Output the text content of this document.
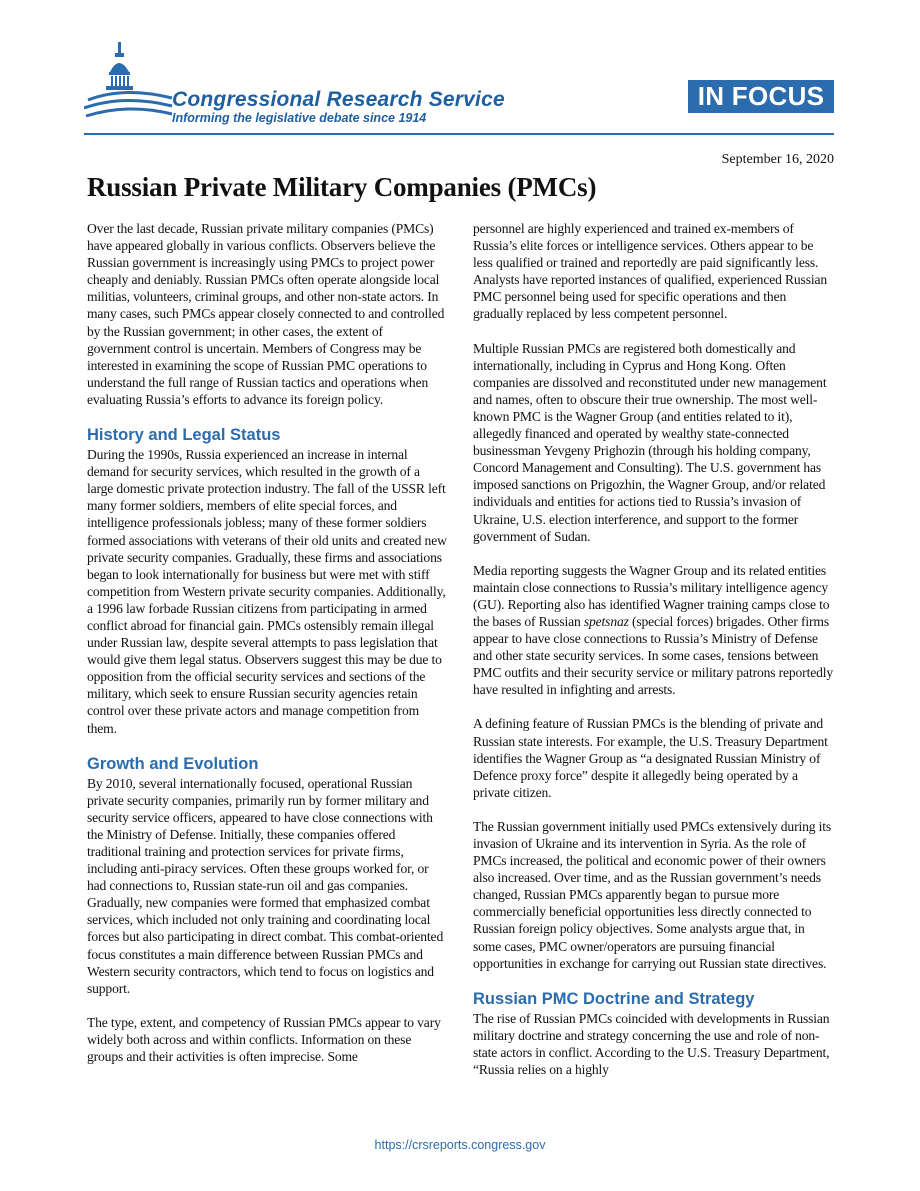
Congressional Research Service
Informing the legislative debate since 1914
IN FOCUS
September 16, 2020
Russian Private Military Companies (PMCs)

Over the last decade, Russian private military companies (PMCs) have appeared globally in various conflicts. Observers believe the Russian government is increasingly using PMCs to project power cheaply and deniably. Russian PMCs often operate alongside local militias, volunteers, criminal groups, and other non-state actors. In many cases, such PMCs appear closely connected to and controlled by the Russian government; in other cases, the extent of government control is uncertain. Members of Congress may be interested in examining the scope of Russian PMC operations to understand the full range of Russian tactics and operations when evaluating Russia’s efforts to advance its foreign policy.

History and Legal Status

During the 1990s, Russia experienced an increase in internal demand for security services, which resulted in the growth of a large domestic private protection industry. The fall of the USSR left many former soldiers, members of elite special forces, and intelligence professionals jobless; many of these former soldiers formed associations with veterans of their old units and created new private security companies. Gradually, these firms and associations began to look internationally for business but were met with stiff competition from Western private security companies. Additionally, a 1996 law forbade Russian citizens from participating in armed conflict abroad for financial gain. PMCs ostensibly remain illegal under Russian law, despite several attempts to pass legislation that would give them legal status. Observers suggest this may be due to opposition from the official security services and sections of the military, which seek to ensure Russian security agencies retain control over these private actors and manage competition from them.

Growth and Evolution

By 2010, several internationally focused, operational Russian private security companies, primarily run by former military and security service officers, appeared to have close connections with the Ministry of Defense. Initially, these companies offered traditional training and protection services for private firms, including anti-piracy services. Often these groups worked for, or had connections to, Russian state-run oil and gas companies. Gradually, new companies were formed that emphasized combat services, which included not only training and coordinating local forces but also participating in direct combat. This combat-oriented focus constitutes a main difference between Russian PMCs and Western security contractors, which tend to focus on logistics and support.

The type, extent, and competency of Russian PMCs appear to vary widely both across and within conflicts. Information on these groups and their activities is often imprecise. Some

personnel are highly experienced and trained ex-members of Russia’s elite forces or intelligence services. Others appear to be less qualified or trained and reportedly are paid significantly less. Analysts have reported instances of qualified, experienced Russian PMC personnel being used for specific operations and then gradually replaced by less competent personnel.

Multiple Russian PMCs are registered both domestically and internationally, including in Cyprus and Hong Kong. Often companies are dissolved and reconstituted under new management and names, often to obscure their true ownership. The most well-known PMC is the Wagner Group (and entities related to it), allegedly financed and operated by wealthy state-connected businessman Yevgeny Prighozin (through his holding company, Concord Management and Consulting). The U.S. government has imposed sanctions on Prigozhin, the Wagner Group, and/or related individuals and entities for actions tied to Russia’s invasion of Ukraine, U.S. election interference, and support to the former government of Sudan.

Media reporting suggests the Wagner Group and its related entities maintain close connections to Russia’s military intelligence agency (GU). Reporting also has identified Wagner training camps close to the bases of Russian spetsnaz (special forces) brigades. Other firms appear to have close connections to Russia’s Ministry of Defense and other state security services. In some cases, tensions between PMC outfits and their security service or military patrons reportedly have resulted in infighting and arrests.

A defining feature of Russian PMCs is the blending of private and Russian state interests. For example, the U.S. Treasury Department identifies the Wagner Group as “a designated Russian Ministry of Defence proxy force” despite it allegedly being operated by a private citizen.

The Russian government initially used PMCs extensively during its invasion of Ukraine and its intervention in Syria. As the role of PMCs increased, the political and economic power of their owners also increased. Over time, and as the Russian government’s needs changed, Russian PMCs apparently began to pursue more commercially beneficial opportunities less directly connected to Russian foreign policy objectives. Some analysts argue that, in some cases, PMC owner/operators are pursuing financial opportunities in exchange for carrying out Russian state directives.

Russian PMC Doctrine and Strategy

The rise of Russian PMCs coincided with developments in Russian military doctrine and strategy concerning the use and role of non-state actors in conflict. According to the U.S. Treasury Department, “Russia relies on a highly

https://crsreports.congress.gov
